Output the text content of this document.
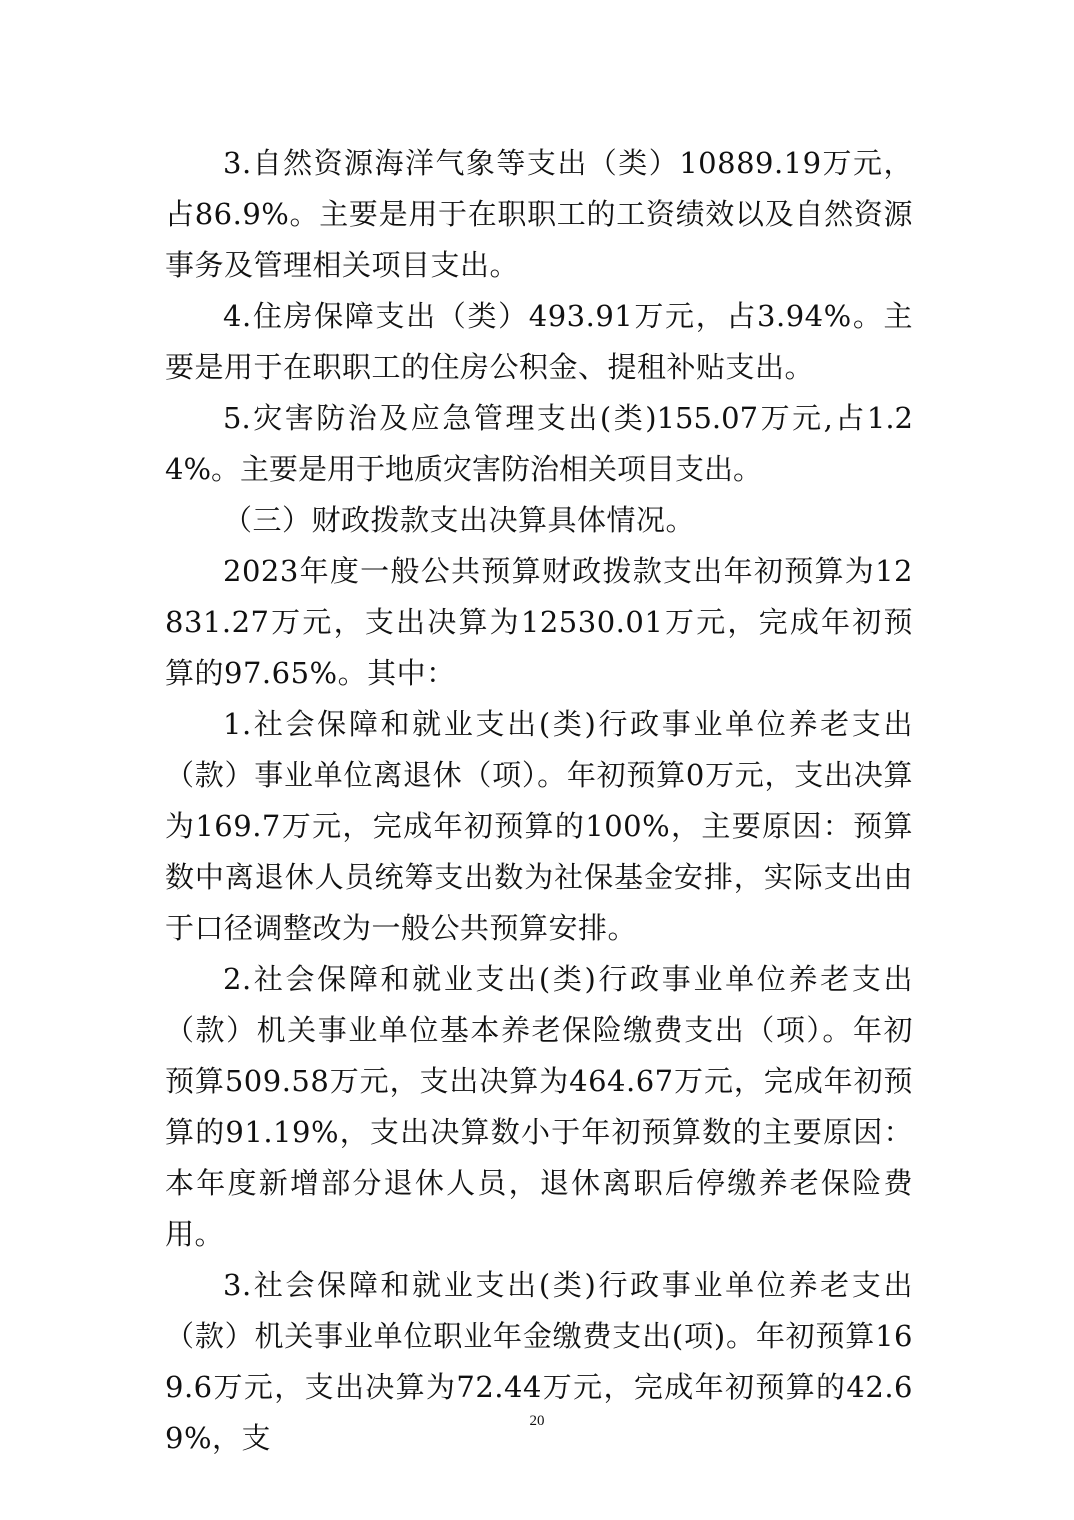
3.自然资源海洋气象等支出（类）10889.19万元，占86.9%。主要是用于在职职工的工资绩效以及自然资源事务及管理相关项目支出。

4.住房保障支出（类）493.91万元，占3.94%。主要是用于在职职工的住房公积金、提租补贴支出。

5.灾害防治及应急管理支出(类)155.07万元,占1.24%。主要是用于地质灾害防治相关项目支出。

（三）财政拨款支出决算具体情况。

2023年度一般公共预算财政拨款支出年初预算为12831.27万元，支出决算为12530.01万元，完成年初预算的97.65%。其中：

1.社会保障和就业支出(类)行政事业单位养老支出（款）事业单位离退休（项）。年初预算0万元，支出决算为169.7万元，完成年初预算的100%，主要原因：预算数中离退休人员统筹支出数为社保基金安排，实际支出由于口径调整改为一般公共预算安排。

2.社会保障和就业支出(类)行政事业单位养老支出（款）机关事业单位基本养老保险缴费支出（项）。年初预算509.58万元，支出决算为464.67万元，完成年初预算的91.19%，支出决算数小于年初预算数的主要原因：本年度新增部分退休人员，退休离职后停缴养老保险费用。

3.社会保障和就业支出(类)行政事业单位养老支出（款）机关事业单位职业年金缴费支出(项)。年初预算169.6万元，支出决算为72.44万元，完成年初预算的42.69%，支	20
